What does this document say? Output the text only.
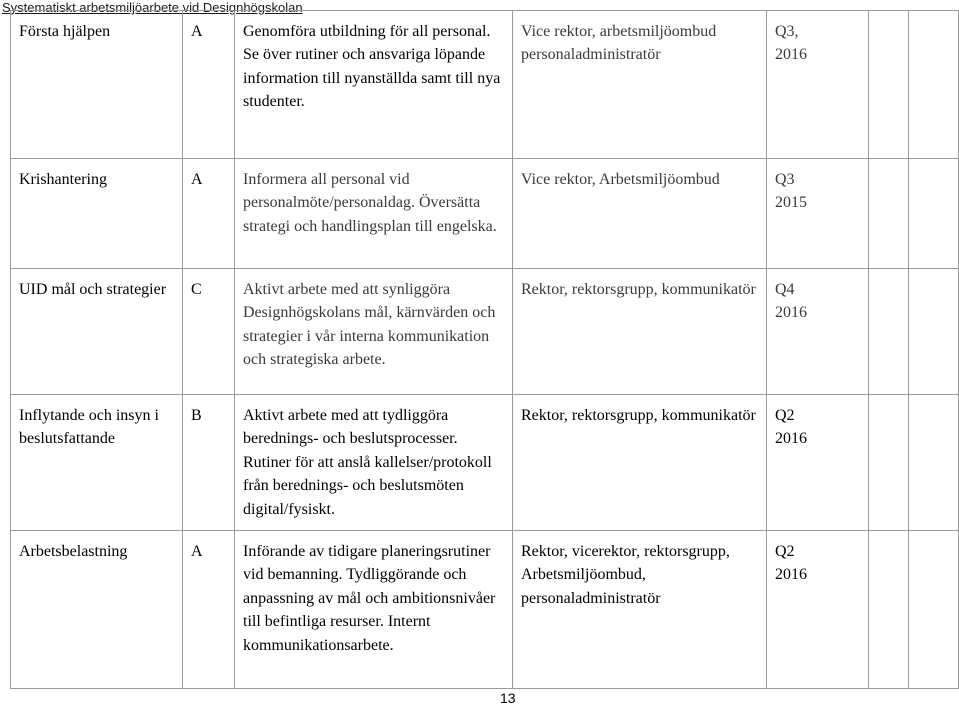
Systematiskt arbetsmiljöarbete vid Designhögskolan
Första hjälpen	A	Genomföra utbildning för all personal. Se över rutiner och ansvariga löpande information till nyanställda samt till nya studenter.	Vice rektor, arbetsmiljöombud personaladministratör	Q3,
2016		
Krishantering	A	Informera all personal vid personalmöte/personaldag. Översätta strategi och handlingsplan till engelska.	Vice rektor, Arbetsmiljöombud	Q3
2015		
UID mål och strategier	C	Aktivt arbete med att synliggöra Designhögskolans mål, kärnvärden och strategier i vår interna kommunikation och strategiska arbete.	Rektor, rektorsgrupp, kommunikatör	Q4
2016		
Inflytande och insyn i beslutsfattande	B	Aktivt arbete med att tydliggöra berednings- och beslutsprocesser. Rutiner för att anslå kallelser/protokoll från berednings- och beslutsmöten digital/fysiskt.	Rektor, rektorsgrupp, kommunikatör	Q2
2016		
Arbetsbelastning	A	Införande av tidigare planeringsrutiner vid bemanning. Tydliggörande och anpassning av mål och ambitionsnivåer till befintliga resurser. Internt kommunikationsarbete.	Rektor, vicerektor, rektorsgrupp, Arbetsmiljöombud, personaladministratör	Q2
2016		
13
